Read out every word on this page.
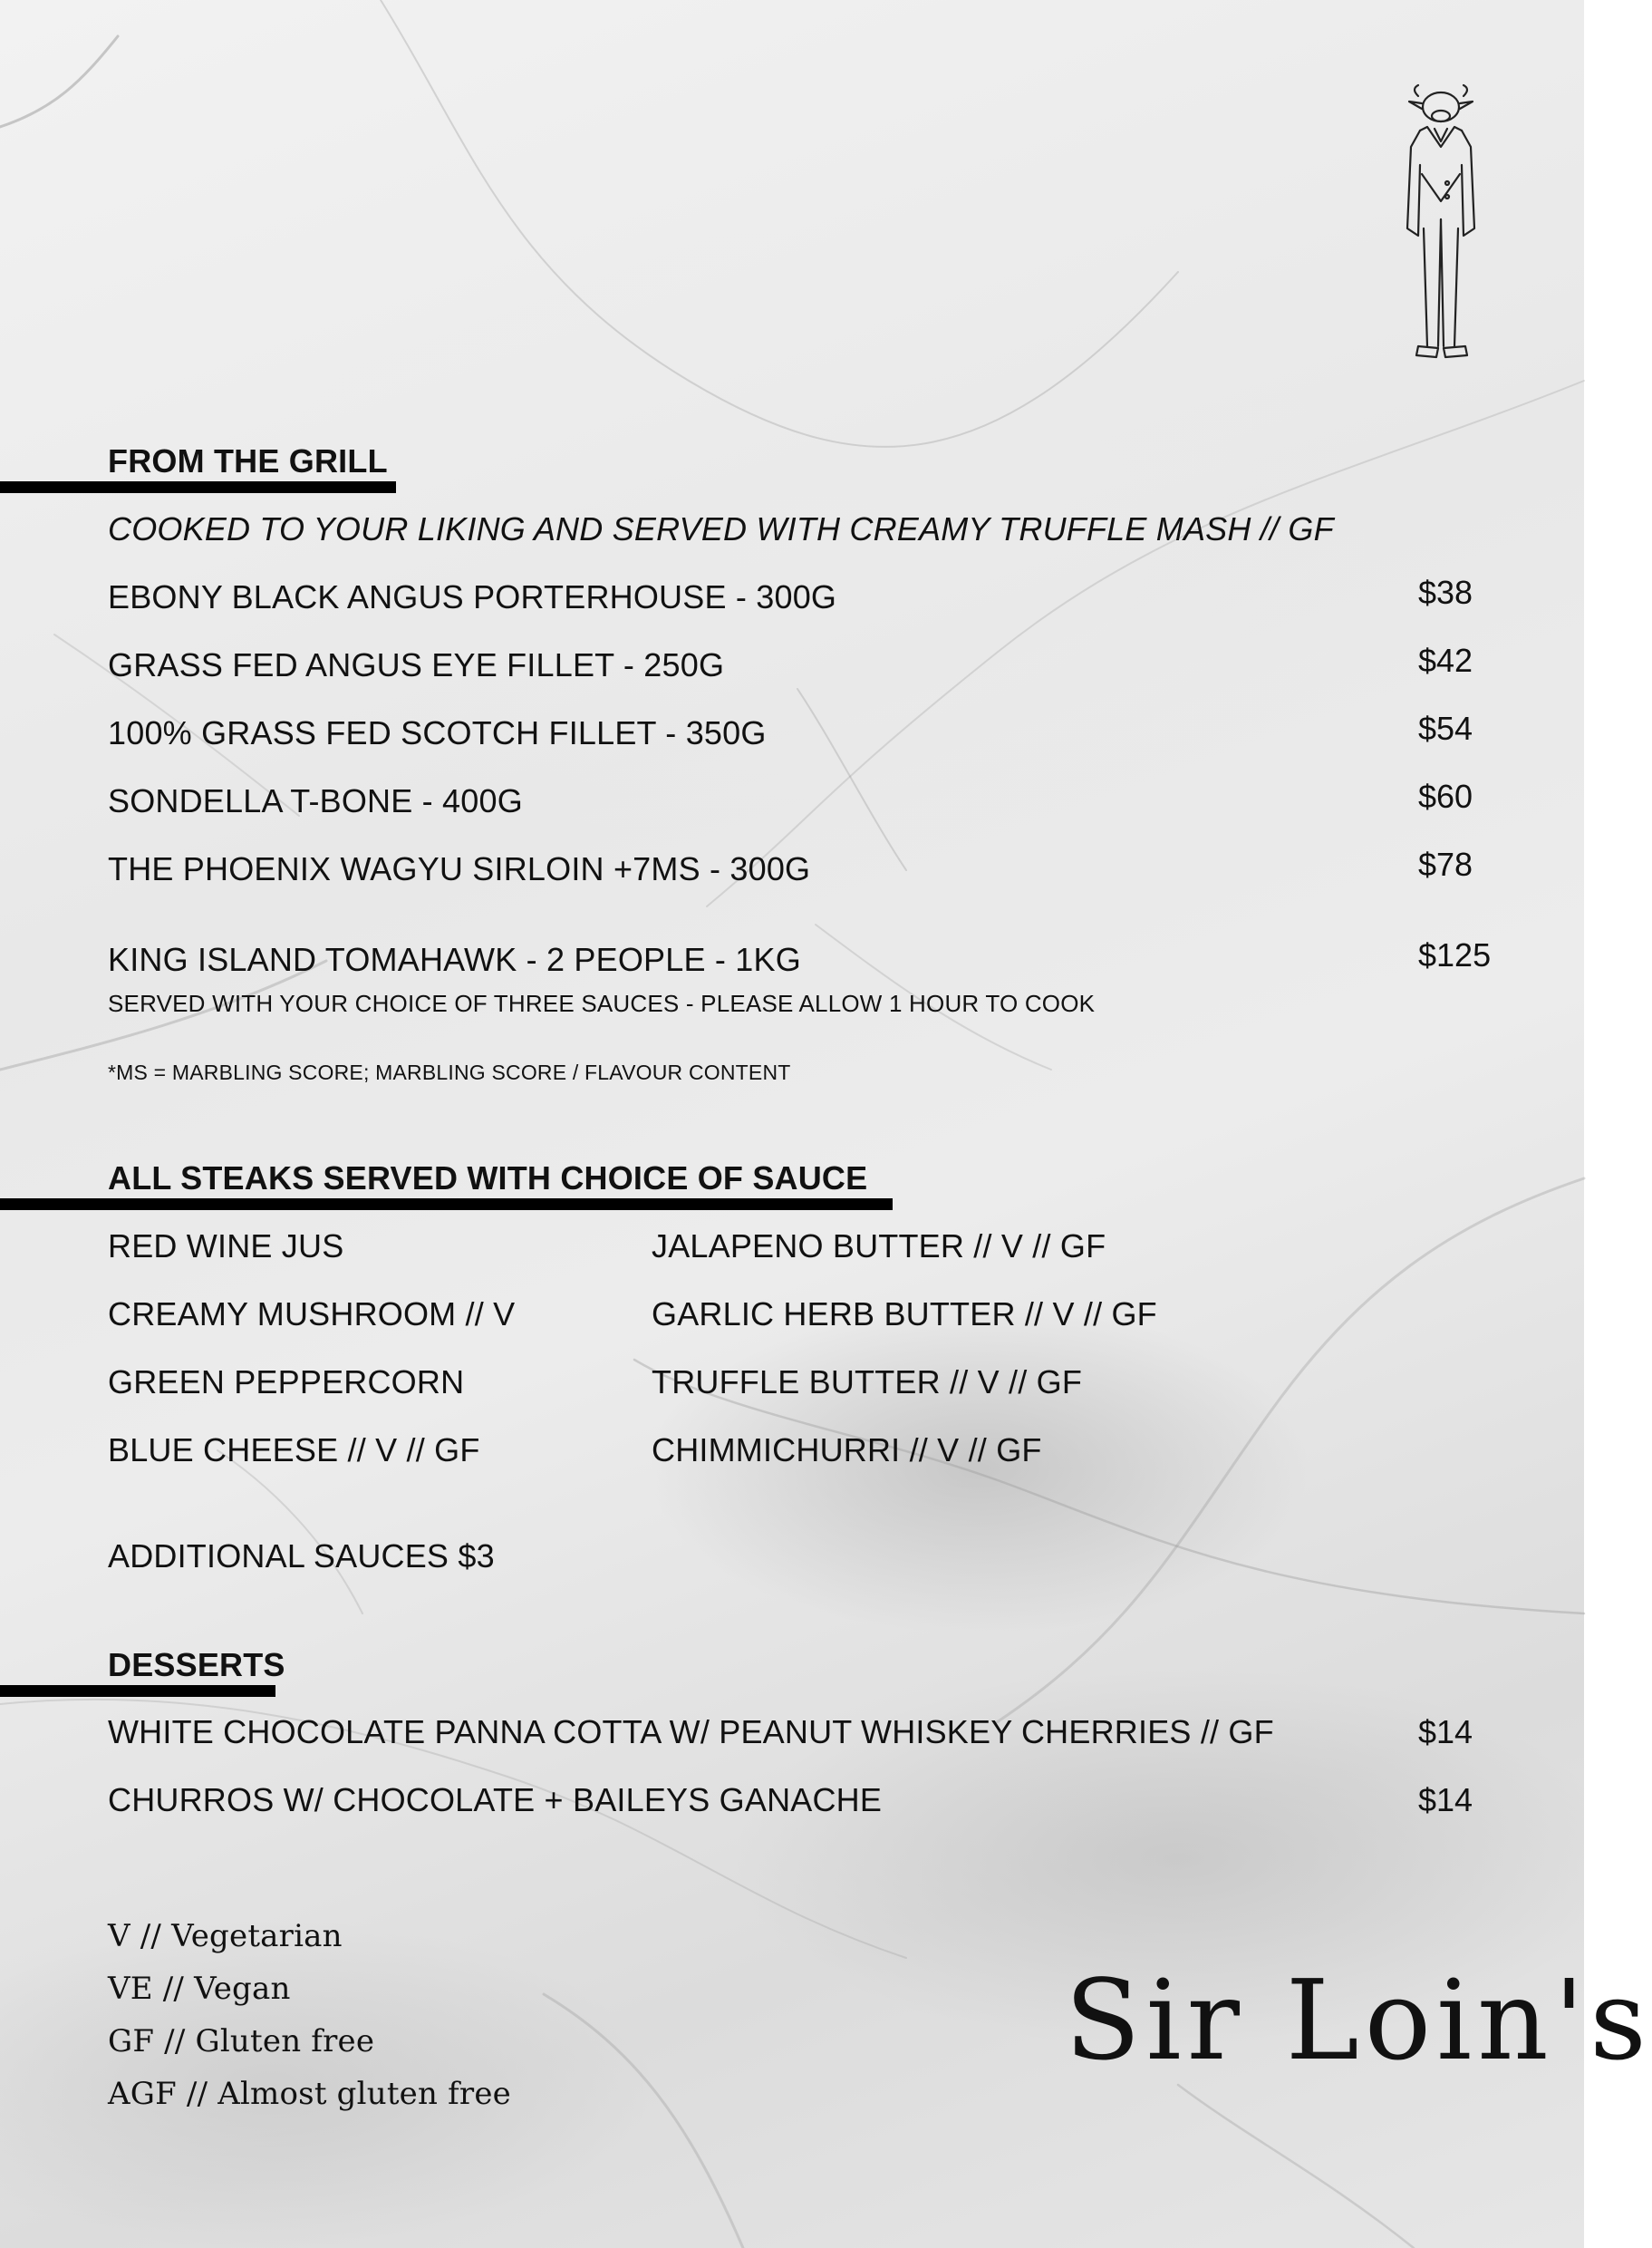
FROM THE GRILL
COOKED TO YOUR LIKING AND SERVED WITH CREAMY TRUFFLE MASH // GF
EBONY BLACK ANGUS PORTERHOUSE - 300G	$38
GRASS FED ANGUS EYE FILLET - 250G	$42
100% GRASS FED SCOTCH FILLET - 350G	$54
SONDELLA T-BONE - 400G	$60
THE PHOENIX WAGYU SIRLOIN +7MS - 300G	$78
KING ISLAND TOMAHAWK - 2 PEOPLE - 1KG	$125
SERVED WITH YOUR CHOICE OF THREE SAUCES - PLEASE ALLOW 1 HOUR TO COOK
*MS = MARBLING SCORE; MARBLING SCORE / FLAVOUR CONTENT
ALL STEAKS SERVED WITH CHOICE OF SAUCE
RED WINE JUS
CREAMY MUSHROOM // V
GREEN PEPPERCORN
BLUE CHEESE // V // GF
JALAPENO BUTTER // V // GF
GARLIC HERB BUTTER // V // GF
TRUFFLE BUTTER // V // GF
CHIMMICHURRI // V // GF
ADDITIONAL SAUCES $3
DESSERTS
WHITE CHOCOLATE PANNA COTTA W/ PEANUT WHISKEY CHERRIES // GF	$14
CHURROS W/ CHOCOLATE + BAILEYS GANACHE	$14
V // Vegetarian
VE // Vegan
GF // Gluten free
AGF // Almost gluten free
Sir Loin's
